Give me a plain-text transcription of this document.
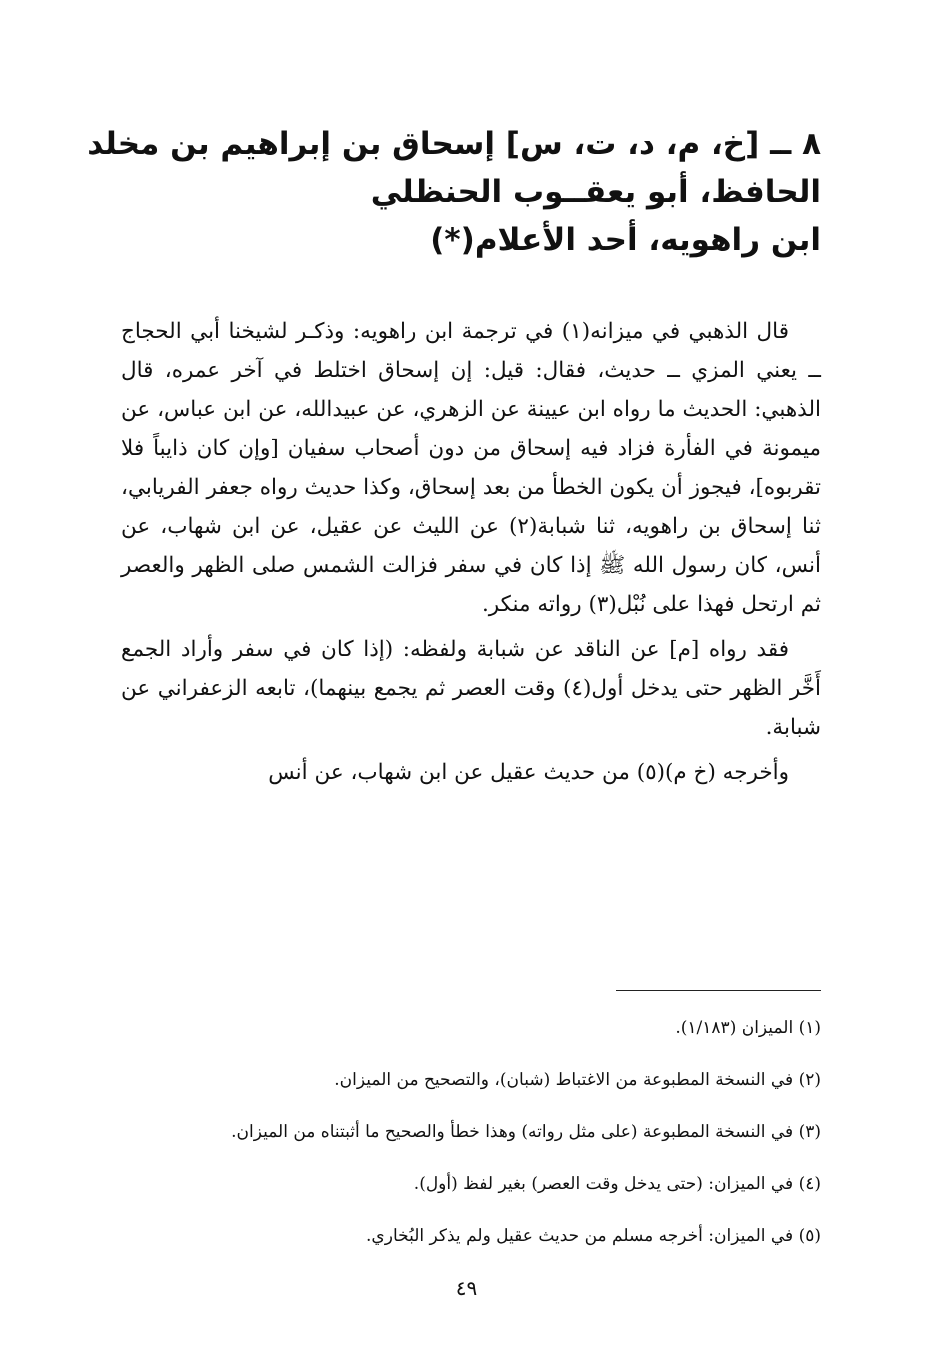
٨ ــ [خ، م، د، ت، س] إسحاق بن إبراهيم بن مخلد
الحافظ، أبو يعقــوب الحنظلي
ابن راهويه، أحد الأعلام(*)

قال الذهبي في ميزانه(١) في ترجمة ابن راهويه: وذكـر لشيخنا أبي الحجاج ــ يعني المزي ــ حديث، فقال: قيل: إن إسحاق اختلط في آخر عمره، قال الذهبي: الحديث ما رواه ابن عيينة عن الزهري، عن عبيدالله، عن ابن عباس، عن ميمونة في الفأرة فزاد فيه إسحاق من دون أصحاب سفيان [وإن كان ذايباً فلا تقربوه]، فيجوز أن يكون الخطأ من بعد إسحاق، وكذا حديث رواه جعفر الفريابي، ثنا إسحاق بن راهويه، ثنا شبابة(٢) عن الليث عن عقيل، عن ابن شهاب، عن أنس، كان رسول الله ﷺ إذا كان في سفر فزالت الشمس صلى الظهر والعصر ثم ارتحل فهذا على نُبْل(٣) رواته منكر.

فقد رواه [م] عن الناقد عن شبابة ولفظه: (إذا كان في سفر وأراد الجمع أَخَّر الظهر حتى يدخل أول(٤) وقت العصر ثم يجمع بينهما)، تابعه الزعفراني عن شبابة.

وأخرجه (خ م)(٥) من حديث عقيل عن ابن شهاب، عن أنس

(١) الميزان (١/١٨٣).
(٢) في النسخة المطبوعة من الاغتباط (شبان)، والتصحيح من الميزان.
(٣) في النسخة المطبوعة (على مثل رواته) وهذا خطأ والصحيح ما أثبتناه من الميزان.
(٤) في الميزان: (حتى يدخل وقت العصر) بغير لفظ (أول).
(٥) في الميزان: أخرجه مسلم من حديث عقيل ولم يذكر البُخاري.
٤٩
